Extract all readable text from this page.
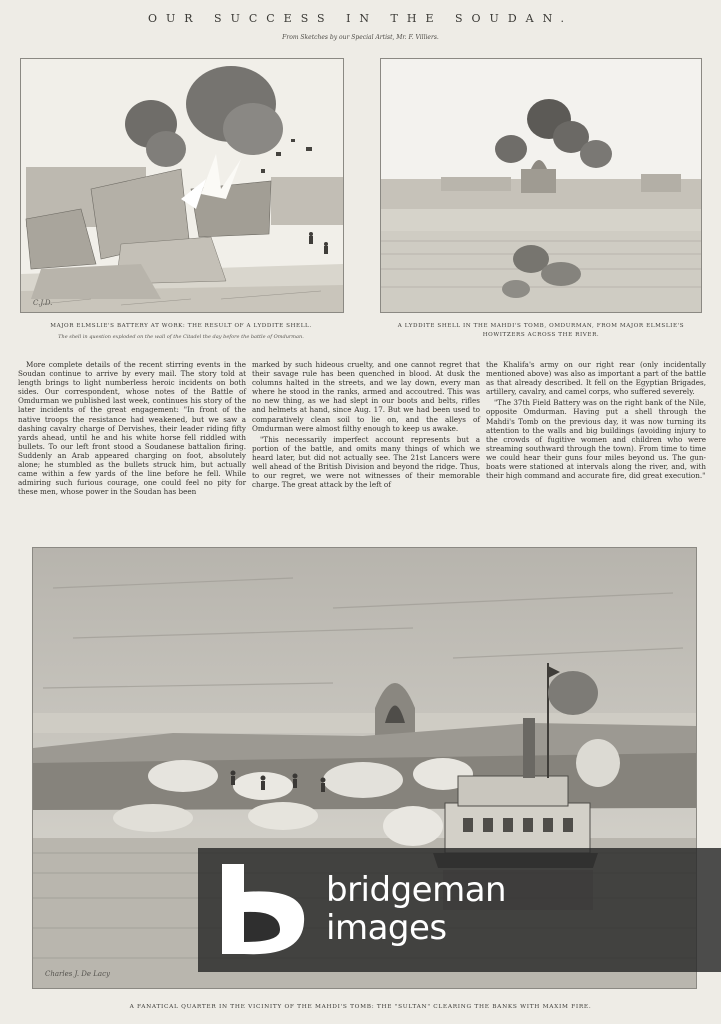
OUR SUCCESS IN THE SOUDAN.
From Sketches by our Special Artist, Mr. F. Villiers.
C.J.D.
MAJOR ELMSLIE'S BATTERY AT WORK: THE RESULT OF A LYDDITE SHELL.
The shell in question exploded on the wall of the Citadel the day before the battle of Omdurman.
A LYDDITE SHELL IN THE MAHDI'S TOMB, OMDURMAN, FROM MAJOR ELMSLIE'S
HOWITZERS ACROSS THE RIVER.

More complete details of the recent stirring events in the Soudan continue to arrive by every mail. The story told at length brings to light numberless heroic incidents on both sides. Our correspondent, whose notes of the Battle of Omdurman we published last week, continues his story of the later incidents of the great engagement: "In front of the native troops the resistance had weakened, but we saw a dashing cavalry charge of Dervishes, their leader riding fifty yards ahead, until he and his white horse fell riddled with bullets. To our left front stood a Soudanese battalion firing. Suddenly an Arab appeared charging on foot, absolutely alone; he stumbled as the bullets struck him, but actually came within a few yards of the line before he fell. While admiring such furious courage, one could feel no pity for these men, whose power in the Soudan has been

marked by such hideous cruelty, and one cannot regret that their savage rule has been quenched in blood. At dusk the columns halted in the streets, and we lay down, every man where he stood in the ranks, armed and accoutred. This was no new thing, as we had slept in our boots and belts, rifles and helmets at hand, since Aug. 17. But we had been used to comparatively clean soil to lie on, and the alleys of Omdurman were almost filthy enough to keep us awake.

"This necessarily imperfect account represents but a portion of the battle, and omits many things of which we heard later, but did not actually see. The 21st Lancers were well ahead of the British Division and beyond the ridge. Thus, to our regret, we were not witnesses of their memorable charge. The great attack by the left of

the Khalifa's army on our right rear (only incidentally mentioned above) was also as important a part of the battle as that already described. It fell on the Egyptian Brigades, artillery, cavalry, and camel corps, who suffered severely.

"The 37th Field Battery was on the right bank of the Nile, opposite Omdurman. Having put a shell through the Mahdi's Tomb on the previous day, it was now turning its attention to the walls and big buildings (avoiding injury to the crowds of fugitive women and children who were streaming southward through the town). From time to time we could hear their guns four miles beyond us. The gun-boats were stationed at intervals along the river, and, with their high command and accurate fire, did great execution."

Charles J. De Lacy
bridgeman
images
A FANATICAL QUARTER IN THE VICINITY OF THE MAHDI'S TOMB: THE "SULTAN" CLEARING THE BANKS WITH MAXIM FIRE.
